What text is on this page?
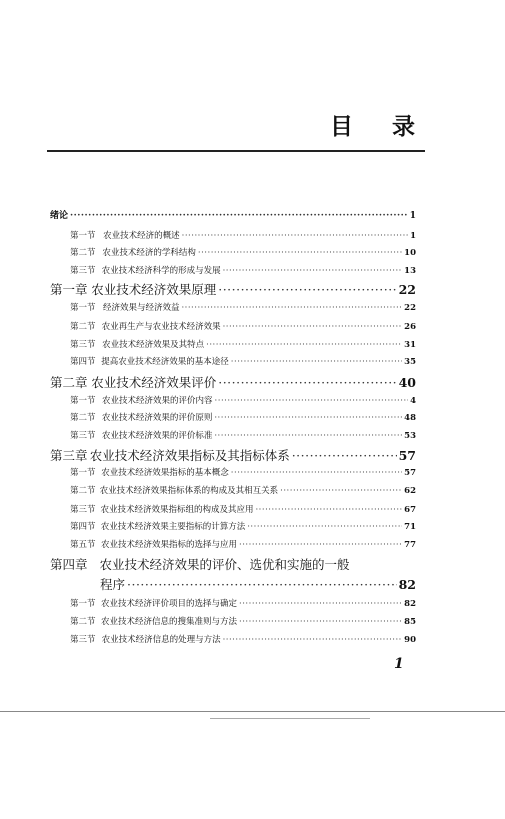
目 录
绪论 ·····	1
第一节 农业技术经济的概述 ·····	1
第二节 农业技术经济的学科结构 ·····	10
第三节 农业技术经济科学的形成与发展 ·····	13
第一章 农业技术经济效果原理 ·····	22
第一节 经济效果与经济效益 ·····	22
第二节 农业再生产与农业技术经济效果 ·····	26
第三节 农业技术经济效果及其特点 ·····	31
第四节 提高农业技术经济效果的基本途径 ·····	35
第二章 农业技术经济效果评价 ·····	40
第一节 农业技术经济效果的评价内容 ·····	4
第二节 农业技术经济效果的评价原则 ·····	48
第三节 农业技术经济效果的评价标准 ·····	53
第三章 农业技术经济效果指标及其指标体系 ·····	57
第一节 农业技术经济效果指标的基本概念 ·····	57
第二节 农业技术经济效果指标体系的构成及其相互关系 ·····	62
第三节 农业技术经济效果指标组的构成及其应用 ·····	67
第四节 农业技术经济效果主要指标的计算方法 ·····	71
第五节 农业技术经济效果指标的选择与应用 ·····	77
第四章 农业技术经济效果的评价、选优和实施的一般
程序 ·····	82
第一节 农业技术经济评价项目的选择与确定 ·····	82
第二节 农业技术经济信息的搜集准则与方法 ·····	85
第三节 农业技术经济信息的处理与方法 ·····	90
1
